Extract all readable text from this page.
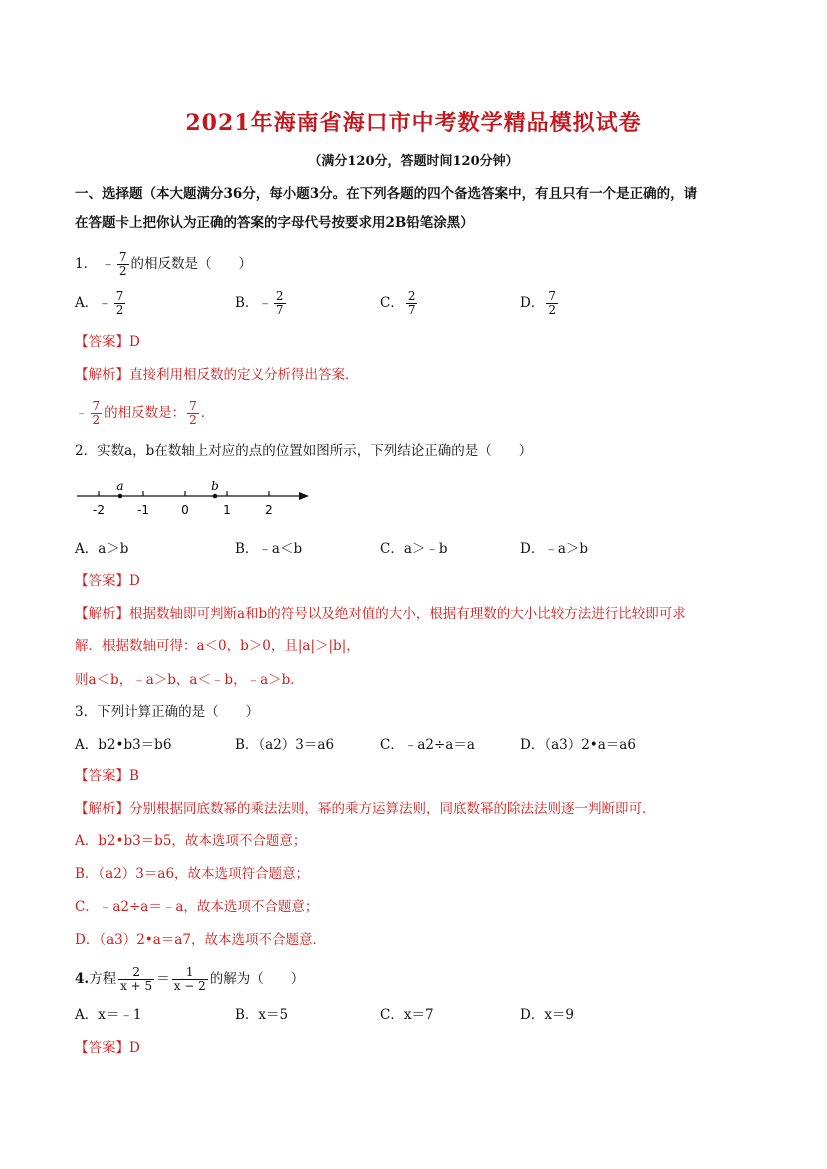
2021年海南省海口市中考数学精品模拟试卷
（满分120分，答题时间120分钟）
一、选择题（本大题满分36分，每小题3分。在下列各题的四个备选答案中，有且只有一个是正确的，请
在答题卡上把你认为正确的答案的字母代号按要求用2B铅笔涂黑）
1． ﹣ $\frac{7}{2}$ 的相反数是（　　）
A．﹣ $\frac{7}{2}$	B．﹣ $\frac{2}{7}$	C． $\frac{2}{7}$	D． $\frac{7}{2}$
【答案】D
【解析】直接利用相反数的定义分析得出答案．
﹣ $\frac{7}{2}$ 的相反数是： $\frac{7}{2}$ ．
2．实数a，b在数轴上对应的点的位置如图所示，下列结论正确的是（　　）
a	b
-2	-1	0	1	2
A．a＞b	B．﹣a＜b	C．a＞﹣b	D．﹣a＞b
【答案】D
【解析】根据数轴即可判断a和b的符号以及绝对值的大小，根据有理数的大小比较方法进行比较即可求
解．根据数轴可得：a＜0，b＞0，且|a|＞|b|，
则a＜b，﹣a＞b，a＜﹣b，﹣a＞b．
3．下列计算正确的是（　　）
A．b2•b3＝b6	B．（a2）3＝a6	C．﹣a2÷a＝a	D．（a3）2•a＝a6
【答案】B
【解析】分别根据同底数幂的乘法法则，幂的乘方运算法则，同底数幂的除法法则逐一判断即可．
A．b2•b3＝b5，故本选项不合题意；
B．（a2）3＝a6，故本选项符合题意；
C．﹣a2÷a＝﹣a，故本选项不合题意；
D．（a3）2•a＝a7，故本选项不合题意．
4.方程 $\frac{2}{x + 5} = \frac{1}{x - 2}$ 的解为（　　）
A．x＝﹣1	B．x＝5	C．x＝7	D．x＝9
【答案】D
